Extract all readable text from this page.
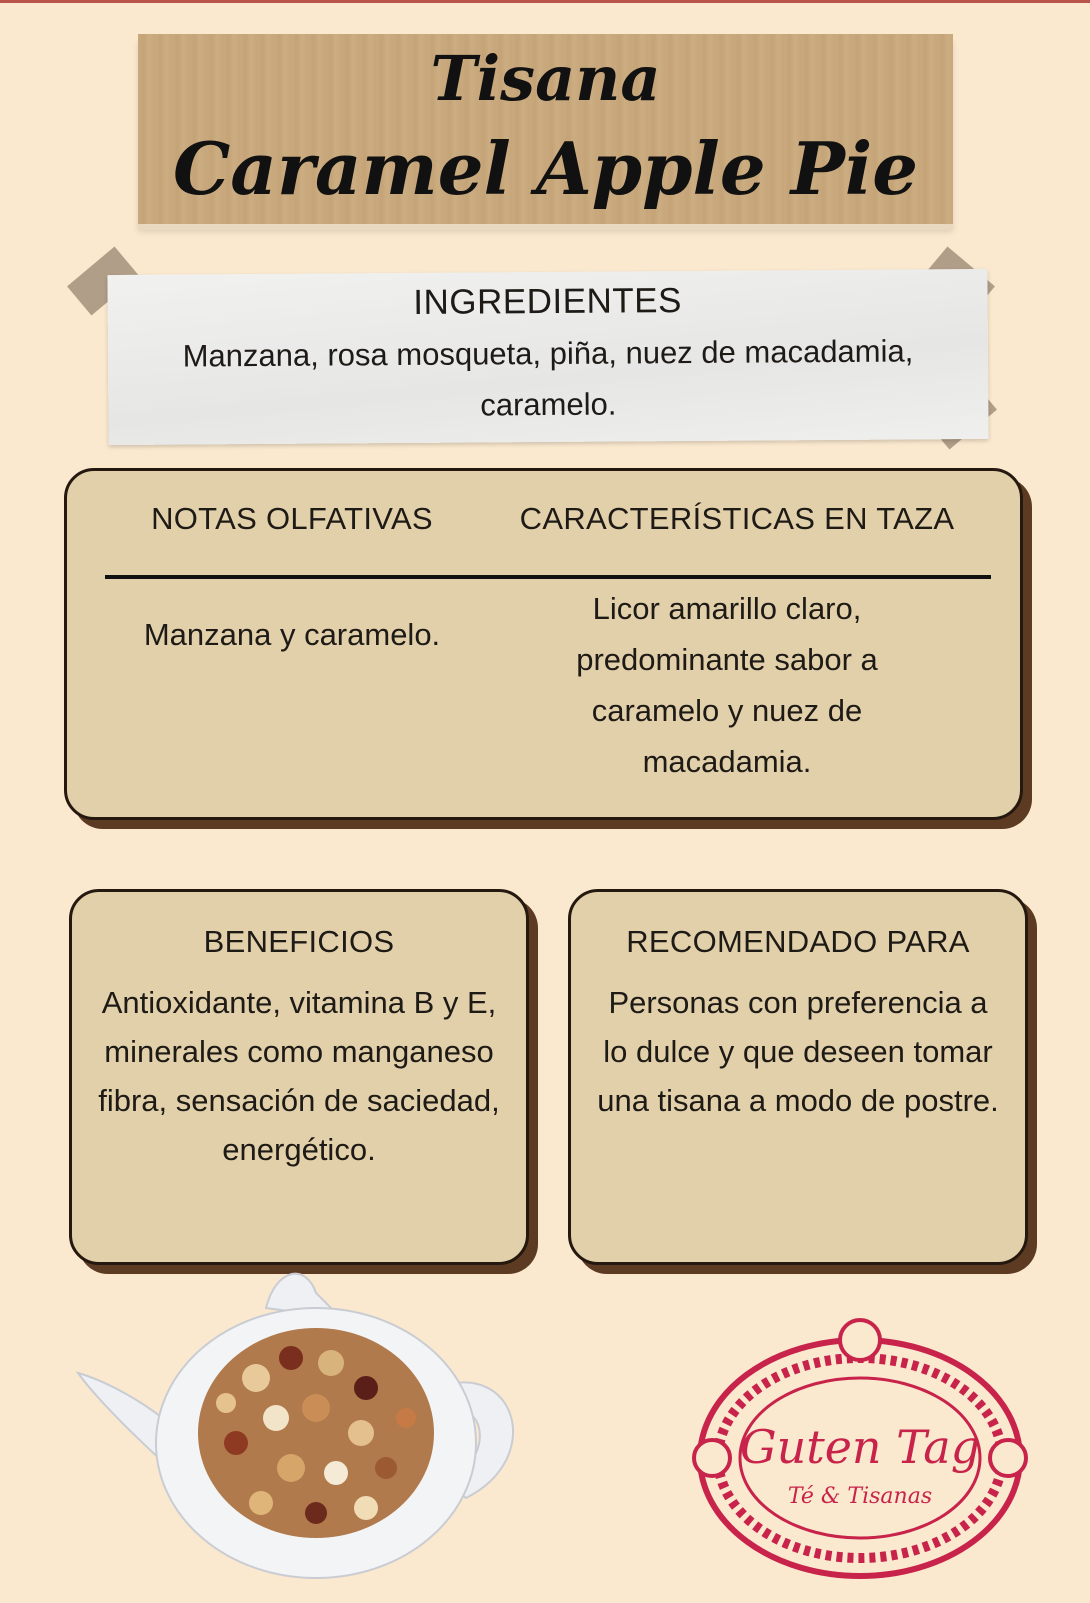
Tisana
Caramel Apple Pie
INGREDIENTES

Manzana, rosa mosqueta, piña, nuez de macadamia, caramelo.

NOTAS OLFATIVAS	CARACTERÍSTICAS EN TAZA

Manzana y caramelo.

Licor amarillo claro, predominante sabor a caramelo y nuez de macadamia.

BENEFICIOS

Antioxidante, vitamina B y E, minerales como manganeso fibra, sensación de saciedad, energético.

RECOMENDADO PARA

Personas con preferencia a lo dulce y que deseen tomar una tisana a modo de postre.

Guten Tag
Té & Tisanas
